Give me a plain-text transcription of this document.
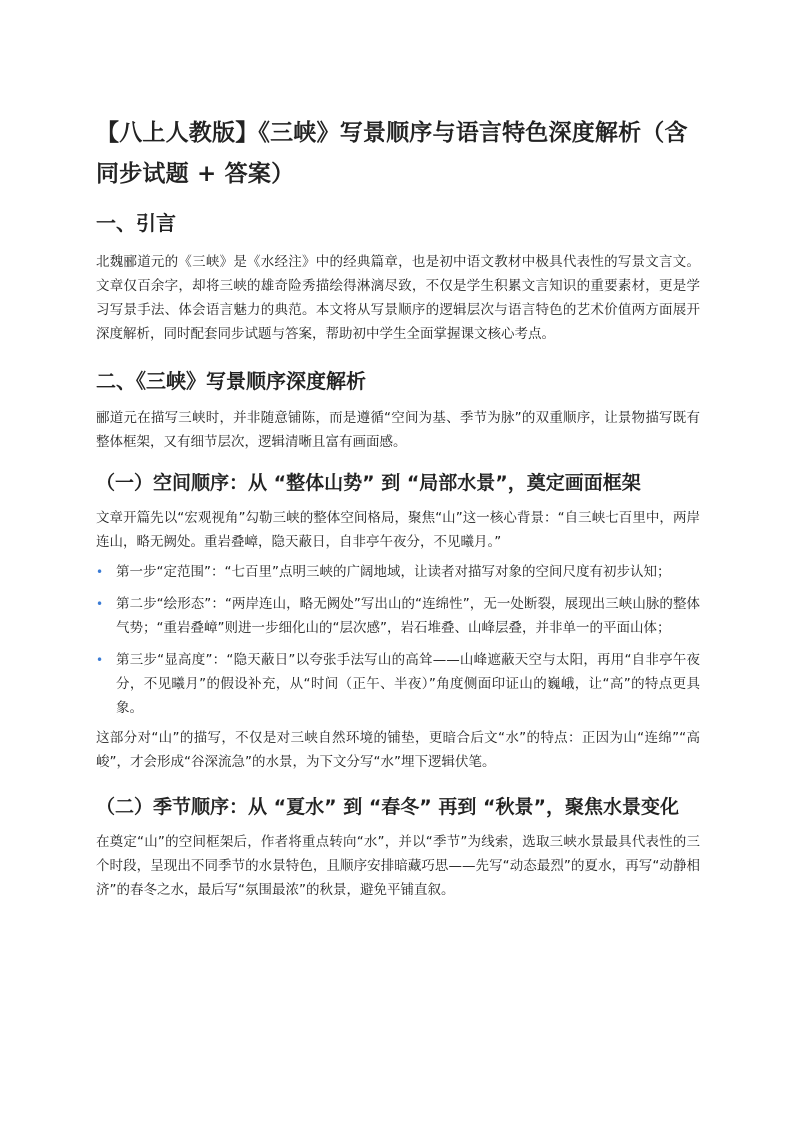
【八上人教版】《三峡》写景顺序与语言特色深度解析（含同步试题 + 答案）
一、引言

北魏郦道元的《三峡》是《水经注》中的经典篇章，也是初中语文教材中极具代表性的写景文言文。文章仅百余字，却将三峡的雄奇险秀描绘得淋漓尽致，不仅是学生积累文言知识的重要素材，更是学习写景手法、体会语言魅力的典范。本文将从写景顺序的逻辑层次与语言特色的艺术价值两方面展开深度解析，同时配套同步试题与答案，帮助初中学生全面掌握课文核心考点。

二、《三峡》写景顺序深度解析

郦道元在描写三峡时，并非随意铺陈，而是遵循“空间为基、季节为脉”的双重顺序，让景物描写既有整体框架，又有细节层次，逻辑清晰且富有画面感。

（一）空间顺序：从 “整体山势” 到 “局部水景”，奠定画面框架

文章开篇先以“宏观视角”勾勒三峡的整体空间格局，聚焦“山”这一核心背景：“自三峡七百里中，两岸连山，略无阙处。重岩叠嶂，隐天蔽日，自非亭午夜分，不见曦月。”

• 第一步“定范围”：“七百里”点明三峡的广阔地域，让读者对描写对象的空间尺度有初步认知；
• 第二步“绘形态”：“两岸连山，略无阙处”写出山的“连绵性”，无一处断裂，展现出三峡山脉的整体气势；“重岩叠嶂”则进一步细化山的“层次感”，岩石堆叠、山峰层叠，并非单一的平面山体；
• 第三步“显高度”：“隐天蔽日”以夸张手法写山的高耸——山峰遮蔽天空与太阳，再用“自非亭午夜分，不见曦月”的假设补充，从“时间（正午、半夜）”角度侧面印证山的巍峨，让“高”的特点更具象。

这部分对“山”的描写，不仅是对三峡自然环境的铺垫，更暗合后文“水”的特点：正因为山“连绵”“高峻”，才会形成“谷深流急”的水景，为下文分写“水”埋下逻辑伏笔。

（二）季节顺序：从 “夏水” 到 “春冬” 再到 “秋景”，聚焦水景变化

在奠定“山”的空间框架后，作者将重点转向“水”，并以“季节”为线索，选取三峡水景最具代表性的三个时段，呈现出不同季节的水景特色，且顺序安排暗藏巧思——先写“动态最烈”的夏水，再写“动静相济”的春冬之水，最后写“氛围最浓”的秋景，避免平铺直叙。
